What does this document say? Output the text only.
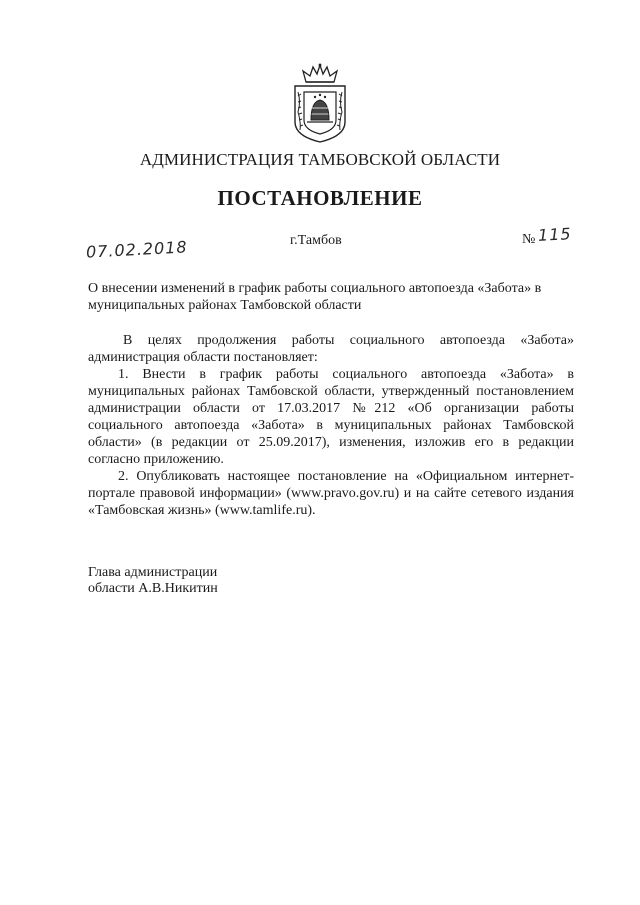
АДМИНИСТРАЦИЯ ТАМБОВСКОЙ ОБЛАСТИ
ПОСТАНОВЛЕНИЕ
07.02.2018	г.Тамбов	№ 115
О внесении изменений в график работы социального автопоезда «Забота» в муниципальных районах Тамбовской области

В целях продолжения работы социального автопоезда «Забота» администрация области постановляет:

1. Внести в график работы социального автопоезда «Забота» в муниципальных районах Тамбовской области, утвержденный постановлением администрации области от 17.03.2017 №212 «Об организации работы социального автопоезда «Забота» в муниципальных районах Тамбовской области» (в редакции от 25.09.2017), изменения, изложив его в редакции согласно приложению.

2. Опубликовать настоящее постановление на «Официальном интернет-портале правовой информации» (www.pravo.gov.ru) и на сайте сетевого издания «Тамбовская жизнь» (www.tamlife.ru).

Глава администрации
области А.В.Никитин
